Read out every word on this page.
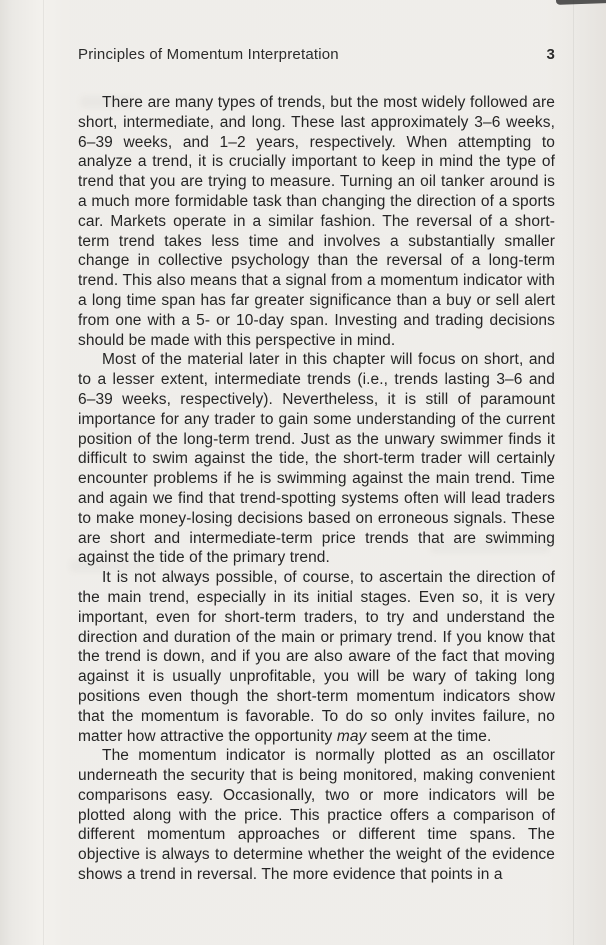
Principles of Momentum Interpretation	3

There are many types of trends, but the most widely followed are short, intermediate, and long. These last approximately 3–6 weeks, 6–39 weeks, and 1–2 years, respectively. When attempting to analyze a trend, it is crucially important to keep in mind the type of trend that you are trying to measure. Turning an oil tanker around is a much more formidable task than changing the direction of a sports car. Markets operate in a similar fashion. The reversal of a short-term trend takes less time and involves a substantially smaller change in collective psychology than the reversal of a long-term trend. This also means that a signal from a momentum indicator with a long time span has far greater significance than a buy or sell alert from one with a 5- or 10-day span. Investing and trading decisions should be made with this perspective in mind.

Most of the material later in this chapter will focus on short, and to a lesser extent, intermediate trends (i.e., trends lasting 3–6 and 6–39 weeks, respectively). Nevertheless, it is still of paramount importance for any trader to gain some understanding of the current position of the long-term trend. Just as the unwary swimmer finds it difficult to swim against the tide, the short-term trader will certainly encounter problems if he is swimming against the main trend. Time and again we find that trend-spotting systems often will lead traders to make money-losing decisions based on erroneous signals. These are short and intermediate-term price trends that are swimming against the tide of the primary trend.

It is not always possible, of course, to ascertain the direction of the main trend, especially in its initial stages. Even so, it is very important, even for short-term traders, to try and understand the direction and duration of the main or primary trend. If you know that the trend is down, and if you are also aware of the fact that moving against it is usually unprofitable, you will be wary of taking long positions even though the short-term momentum indicators show that the momentum is favorable. To do so only invites failure, no matter how attractive the opportunity may seem at the time.

The momentum indicator is normally plotted as an oscillator underneath the security that is being monitored, making convenient comparisons easy. Occasionally, two or more indicators will be plotted along with the price. This practice offers a comparison of different momentum approaches or different time spans. The objective is always to determine whether the weight of the evidence shows a trend in reversal. The more evidence that points in a
